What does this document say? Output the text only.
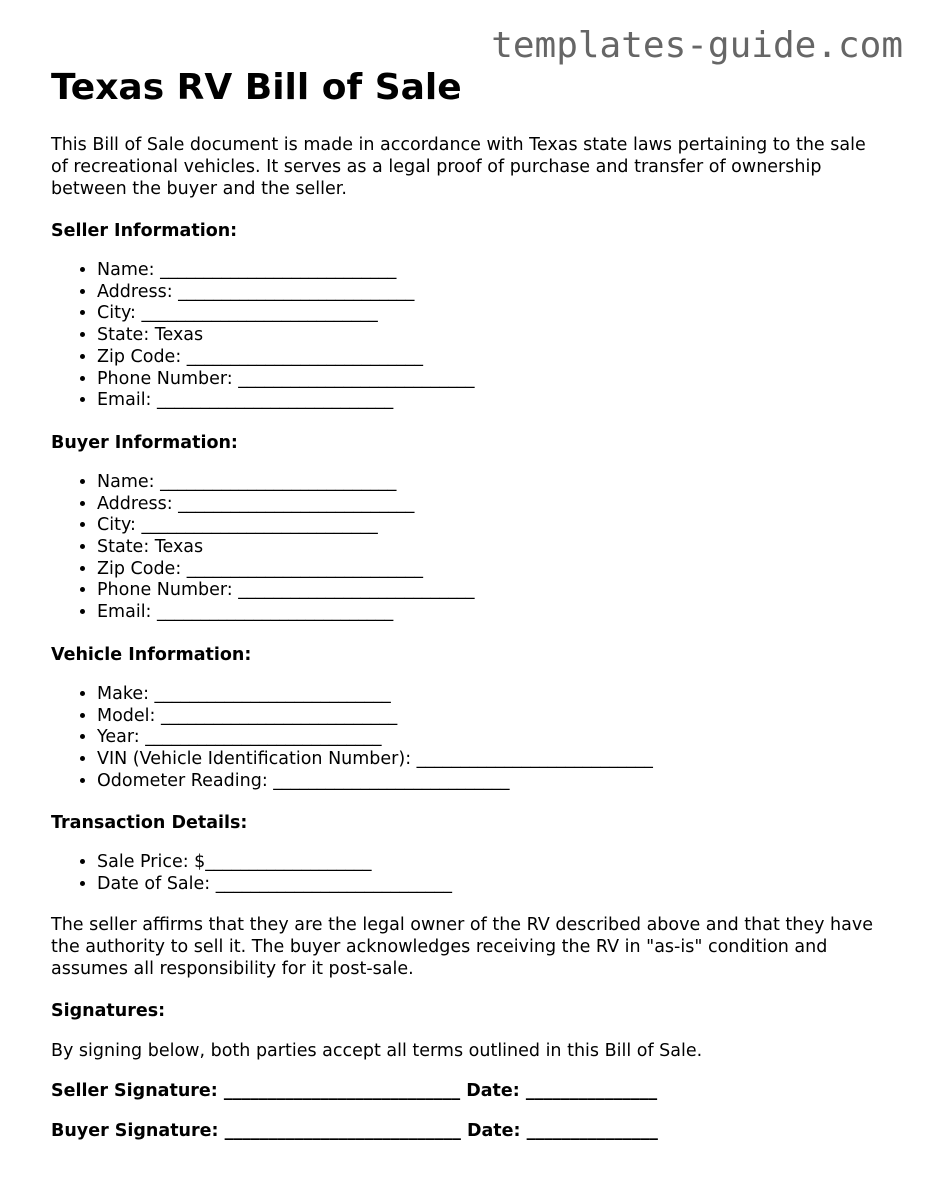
templates-guide.com
Texas RV Bill of Sale

This Bill of Sale document is made in accordance with Texas state laws pertaining to the sale of recreational vehicles. It serves as a legal proof of purchase and transfer of ownership between the buyer and the seller.

Seller Information:
• Name: ___________________________
• Address: ___________________________
• City: ___________________________
• State: Texas
• Zip Code: ___________________________
• Phone Number: ___________________________
• Email: ___________________________
Buyer Information:
• Name: ___________________________
• Address: ___________________________
• City: ___________________________
• State: Texas
• Zip Code: ___________________________
• Phone Number: ___________________________
• Email: ___________________________
Vehicle Information:
• Make: ___________________________
• Model: ___________________________
• Year: ___________________________
• VIN (Vehicle Identification Number): ___________________________
• Odometer Reading: ___________________________
Transaction Details:
• Sale Price: $___________________
• Date of Sale: ___________________________

The seller affirms that they are the legal owner of the RV described above and that they have the authority to sell it. The buyer acknowledges receiving the RV in "as-is" condition and assumes all responsibility for it post-sale.

Signatures:

By signing below, both parties accept all terms outlined in this Bill of Sale.

Seller Signature: ___________________________ Date: _______________
Buyer Signature: ___________________________ Date: _______________
